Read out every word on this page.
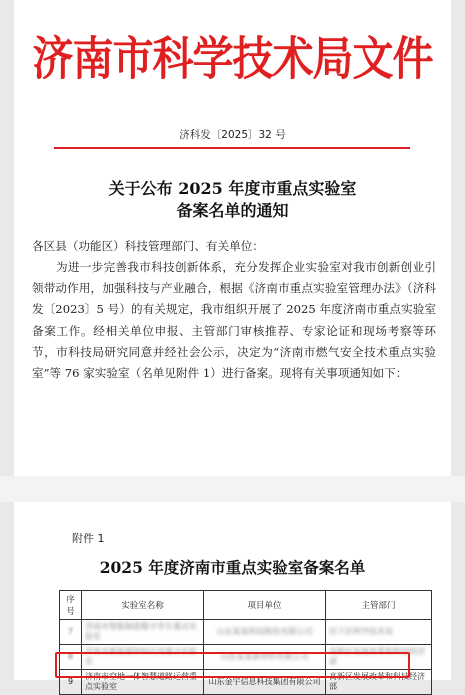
济南市科学技术局文件
济科发〔2025〕32 号
关于公布 2025 年度市重点实验室
备案名单的通知
各区县（功能区）科技管理部门、有关单位：
为进一步完善我市科技创新体系，充分发挥企业实验室对我市创新创业引领带动作用，加强科技与产业融合，根据《济南市重点实验室管理办法》（济科发〔2023〕5 号）的有关规定，我市组织开展了 2025 年度济南市重点实验室备案工作。经相关单位申报、主管部门审核推荐、专家论证和现场考察等环节，市科技局研究同意并经社会公示，决定为“济南市燃气安全技术重点实验室”等 76 家实验室（名单见附件 1）进行备案。现将有关事项通知如下：
附件 1
2025 年度济南市重点实验室备案名单
序号	实验室名称	项目单位	主管部门
7	济南市智能制造数字孪生重点实验室	山东某某科技股份有限公司	历下区科学技术局
8	济南市新能源材料应用重点实验室	山东某某新材料有限公司	高新区发展改革和科技经济部
9	济南市空地一体智慧道路运营重点实验室	山东金宇信息科技集团有限公司	高新区发展改革和科技经济部
